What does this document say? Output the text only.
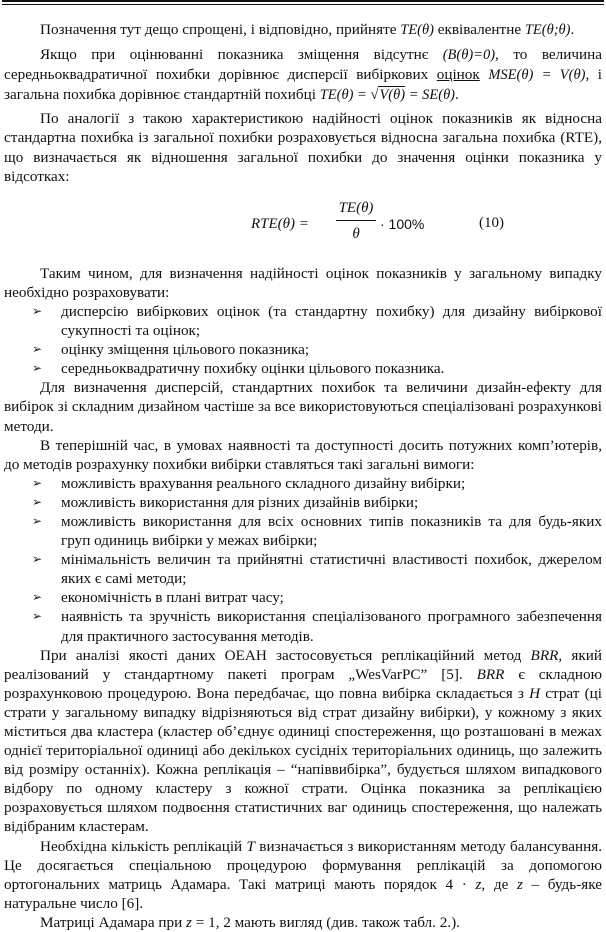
Позначення тут дещо спрощені, і відповідно, прийняте TE(θ) еквівалентне TE(θ;θ).

Якщо при оцінюванні показника зміщення відсутнє (B(θ)=0), то величина середньоквадратичної похибки дорівнює дисперсії вибіркових оцінок MSE(θ) = V(θ), і загальна похибка дорівнює стандартній похибці TE(θ) = √V(θ) = SE(θ).

По аналогії з такою характеристикою надійності оцінок показників як відносна стандартна похибка із загальної похибки розраховується відносна загальна похибка (RTE), що визначається як відношення загальної похибки до значення оцінки показника у відсотках:

$RTE(\theta) = \frac{TE(\theta)}{\theta} \cdot 100\%$	(10)

Таким чином, для визначення надійності оцінок показників у загальному випадку необхідно розраховувати:

➢ дисперсію вибіркових оцінок (та стандартну похибку) для дизайну вибіркової сукупності та оцінок;
➢ оцінку зміщення цільового показника;
➢ середньоквадратичну похибку оцінки цільового показника.

Для визначення дисперсій, стандартних похибок та величини дизайн-ефекту для вибірок зі складним дизайном частіше за все використовуються спеціалізовані розрахункові методи.

В теперішній час, в умовах наявності та доступності досить потужних комп’ютерів, до методів розрахунку похибки вибірки ставляться такі загальні вимоги:

➢ можливість врахування реального складного дизайну вибірки;
➢ можливість використання для різних дизайнів вибірки;
➢ можливість використання для всіх основних типів показників та для будь-яких груп одиниць вибірки у межах вибірки;
➢ мінімальність величин та прийнятні статистичні властивості похибок, джерелом яких є самі методи;
➢ економічність в плані витрат часу;
➢ наявність та зручність використання спеціалізованого програмного забезпечення для практичного застосування методів.

При аналізі якості даних ОЕАН застосовується реплікаційний метод BRR, який реалізований у стандартному пакеті програм „WesVarPC” [5]. BRR є складною розрахунковою процедурою. Вона передбачає, що повна вибірка складається з H страт (ці страти у загальному випадку відрізняються від страт дизайну вибірки), у кожному з яких міститься два кластера (кластер об’єднує одиниці спостереження, що розташовані в межах однієї територіальної одиниці або декількох сусідніх територіальних одиниць, що залежить від розміру останніх). Кожна реплікація – “напіввибірка”, будується шляхом випадкового відбору по одному кластеру з кожної страти. Оцінка показника за реплікацією розраховується шляхом подвоєння статистичних ваг одиниць спостереження, що належать відібраним кластерам.

Необхідна кількість реплікацій T визначається з використанням методу балансування. Це досягається спеціальною процедурою формування реплікацій за допомогою ортогональних матриць Адамара. Такі матриці мають порядок 4 · z, де z – будь-яке натуральне число [6].

Матриці Адамара при z = 1, 2 мають вигляд (див. також табл. 2.).
